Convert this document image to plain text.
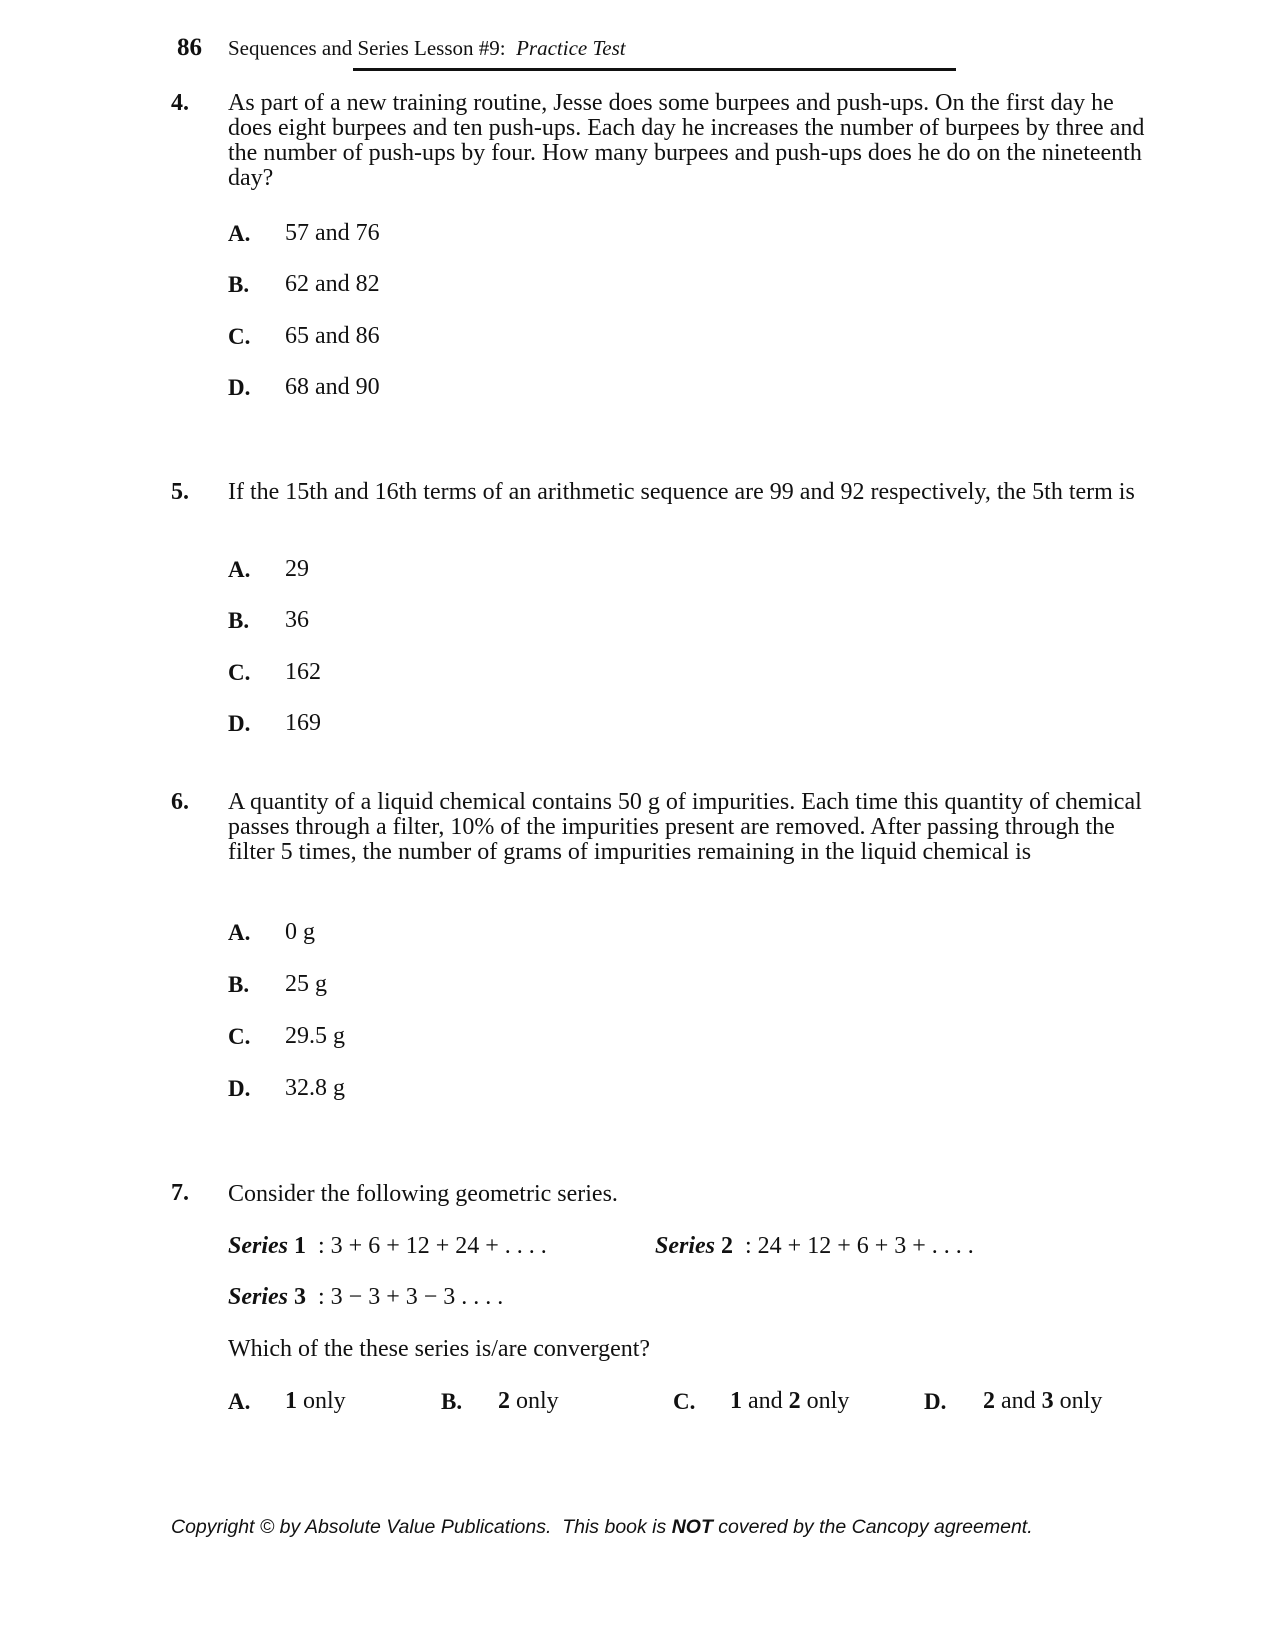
86 Sequences and Series Lesson #9: Practice Test
4. As part of a new training routine, Jesse does some burpees and push-ups. On the first day he does eight burpees and ten push-ups. Each day he increases the number of burpees by three and the number of push-ups by four. How many burpees and push-ups does he do on the nineteenth day?
A. 57 and 76
B. 62 and 82
C. 65 and 86
D. 68 and 90
5. If the 15th and 16th terms of an arithmetic sequence are 99 and 92 respectively, the 5th term is
A. 29
B. 36
C. 162
D. 169
6. A quantity of a liquid chemical contains 50 g of impurities. Each time this quantity of chemical passes through a filter, 10% of the impurities present are removed. After passing through the filter 5 times, the number of grams of impurities remaining in the liquid chemical is
A. 0 g
B. 25 g
C. 29.5 g
D. 32.8 g
7. Consider the following geometric series.
Series 1 : 3 + 6 + 12 + 24 + . . . .	Series 2 : 24 + 12 + 6 + 3 + . . . .
Series 3 : 3 − 3 + 3 − 3 . . . .
Which of the these series is/are convergent?
A. 1 only	B. 2 only	C. 1 and 2 only	D. 2 and 3 only
Copyright © by Absolute Value Publications.  This book is NOT covered by the Cancopy agreement.
